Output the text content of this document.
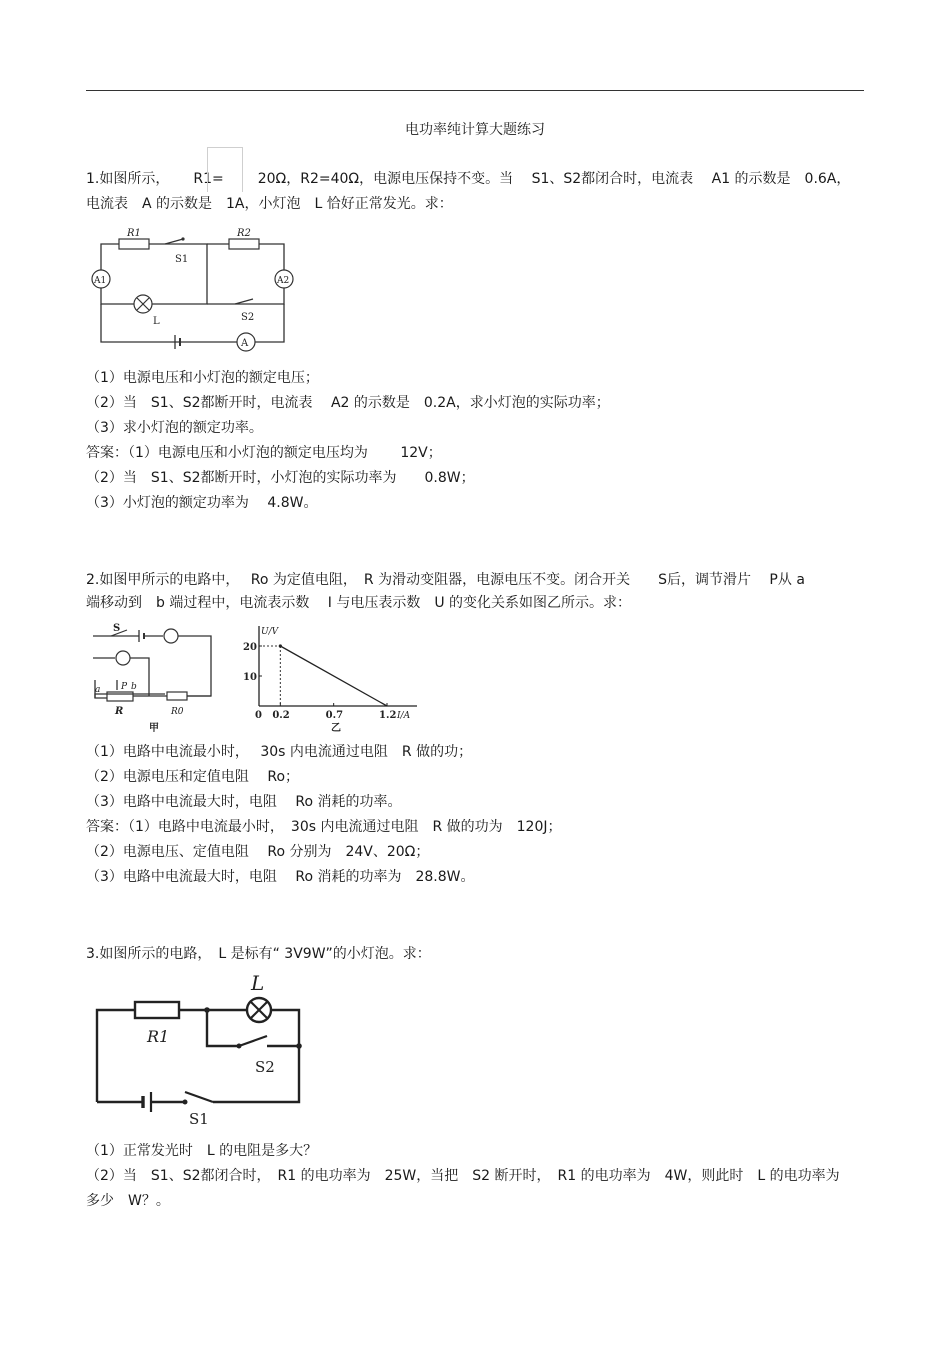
电功率纯计算大题练习
1.如图所示， R1= 20Ω，R2=40Ω，电源电压保持不变。当　 S1、S2都闭合时，电流表　 A1 的示数是　0.6A，
电流表　A 的示数是　1A，小灯泡　L 恰好正常发光。求：
R1
S1
R2
A1	A2
L	S2
A
（1）电源电压和小灯泡的额定电压；
（2）当　S1、S2都断开时，电流表　 A2 的示数是　0.2A，求小灯泡的实际功率；
（3）求小灯泡的额定功率。
答案：（1）电源电压和小灯泡的额定电压均为　　 12V；
（2）当　S1、S2都断开时，小灯泡的实际功率为　　0.8W；
（3）小灯泡的额定功率为　 4.8W。
2.如图甲所示的电路中，　 Ro 为定值电阻，　R 为滑动变阻器，电源电压不变。闭合开关　　S后，调节滑片　 P从 a
端移动到　b 端过程中，电流表示数　 I 与电压表示数　U 的变化关系如图乙所示。求：
S
a P b
R	R0
甲
U/V
I/A
0 0.2	0.7	1.2
10
20
乙
（1）电路中电流最小时，　 30s 内电流通过电阻　R 做的功；
（2）电源电压和定值电阻　 Ro；
（3）电路中电流最大时，电阻　 Ro 消耗的功率。
答案：（1）电路中电流最小时，　30s 内电流通过电阻　R 做的功为　120J；
（2）电源电压、定值电阻　 Ro 分别为　24V、20Ω；
（3）电路中电流最大时，电阻　 Ro 消耗的功率为　28.8W。
3.如图所示的电路，　L 是标有“ 3V9W”的小灯泡。求：
L
R1
S2
S1
（1）正常发光时　L 的电阻是多大？
（2）当　S1、S2都闭合时，　R1 的电功率为　25W，当把　S2 断开时，　R1 的电功率为　4W，则此时　L 的电功率为
多少　W？。
